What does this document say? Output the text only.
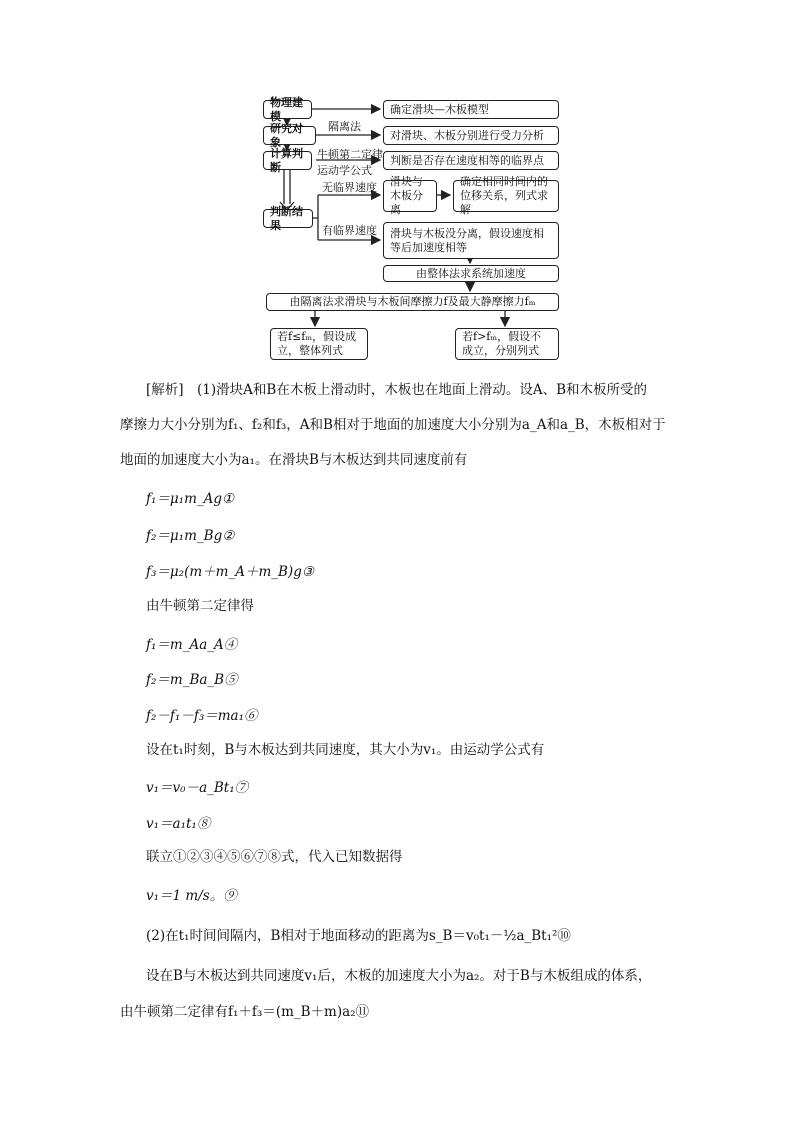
物理建模
研究对象
计算判断
判断结果
隔离法
牛顿第二定律
运动学公式
无临界速度
有临界速度
确定滑块—木板模型
对滑块、木板分别进行受力分析
判断是否存在速度相等的临界点
滑块与木板分离
确定相同时间内的位移关系，列式求解
滑块与木板没分离，假设速度相等后加速度相等
由整体法求系统加速度
由隔离法求滑块与木板间摩擦力f及最大静摩擦力fₘ
若f≤fₘ，假设成立，整体列式
若f>fₘ，假设不成立，分别列式
[解析]　(1)滑块A和B在木板上滑动时，木板也在地面上滑动。设A、B和木板所受的
摩擦力大小分别为f₁、f₂和f₃，A和B相对于地面的加速度大小分别为a_A和a_B，木板相对于
地面的加速度大小为a₁。在滑块B与木板达到共同速度前有
f₁＝μ₁m_Ag①
f₂＝μ₁m_Bg②
f₃＝μ₂(m＋m_A＋m_B)g③
由牛顿第二定律得
f₁＝m_Aa_A④
f₂＝m_Ba_B⑤
f₂－f₁－f₃＝ma₁⑥
设在t₁时刻，B与木板达到共同速度，其大小为v₁。由运动学公式有
v₁＝v₀－a_Bt₁⑦
v₁＝a₁t₁⑧
联立①②③④⑤⑥⑦⑧式，代入已知数据得
v₁＝1 m/s。⑨
(2)在t₁时间间隔内，B相对于地面移动的距离为s_B＝v₀t₁－½a_Bt₁²⑩
设在B与木板达到共同速度v₁后，木板的加速度大小为a₂。对于B与木板组成的体系，
由牛顿第二定律有f₁＋f₃＝(m_B＋m)a₂⑪
